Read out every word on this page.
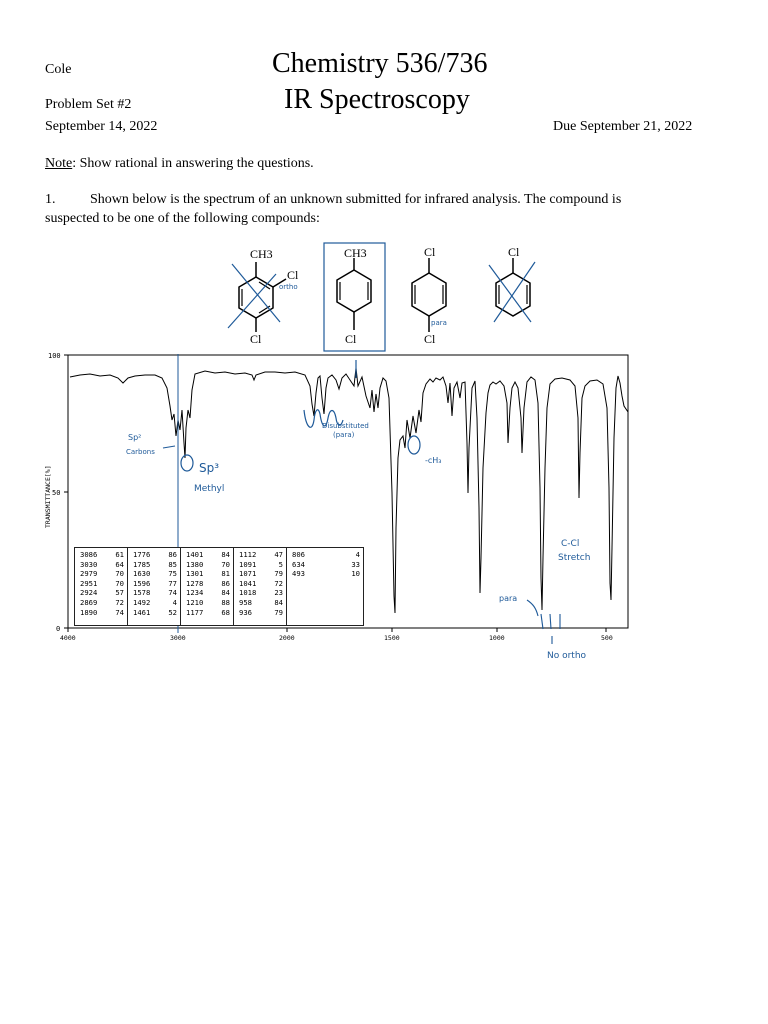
Cole
Problem Set #2
September 14, 2022
Chemistry 536/736
IR Spectroscopy
Due September 21, 2022
Note: Show rational in answering the questions.
1. Shown below is the spectrum of an unknown submitted for infrared analysis. The compound is
suspected to be one of the following compounds:
CH3
Cl
Cl
ortho
CH3
Cl
Cl
Cl
para
Cl
100
50
0
TRANSMITTANCE[%]
4000	3000	2000	1500	1000	500
Sp²
Carbons
Sp³
Methyl
Disubstituted
(para)
-cH₃
C-Cl
Stretch
para
No ortho
3086	61
3030	64
2979	70
2951	70
2924	57
2869	72
1890	74
1776	86
1785	85
1630	75
1596	77
1578	74
1492	4
1461	52
1401	84
1380	70
1301	81
1278	86
1234	84
1210	88
1177	68
1112	47
1091	5
1071	79
1041	72
1018	23
958	84
936	79
806	4
634	33
493	10
